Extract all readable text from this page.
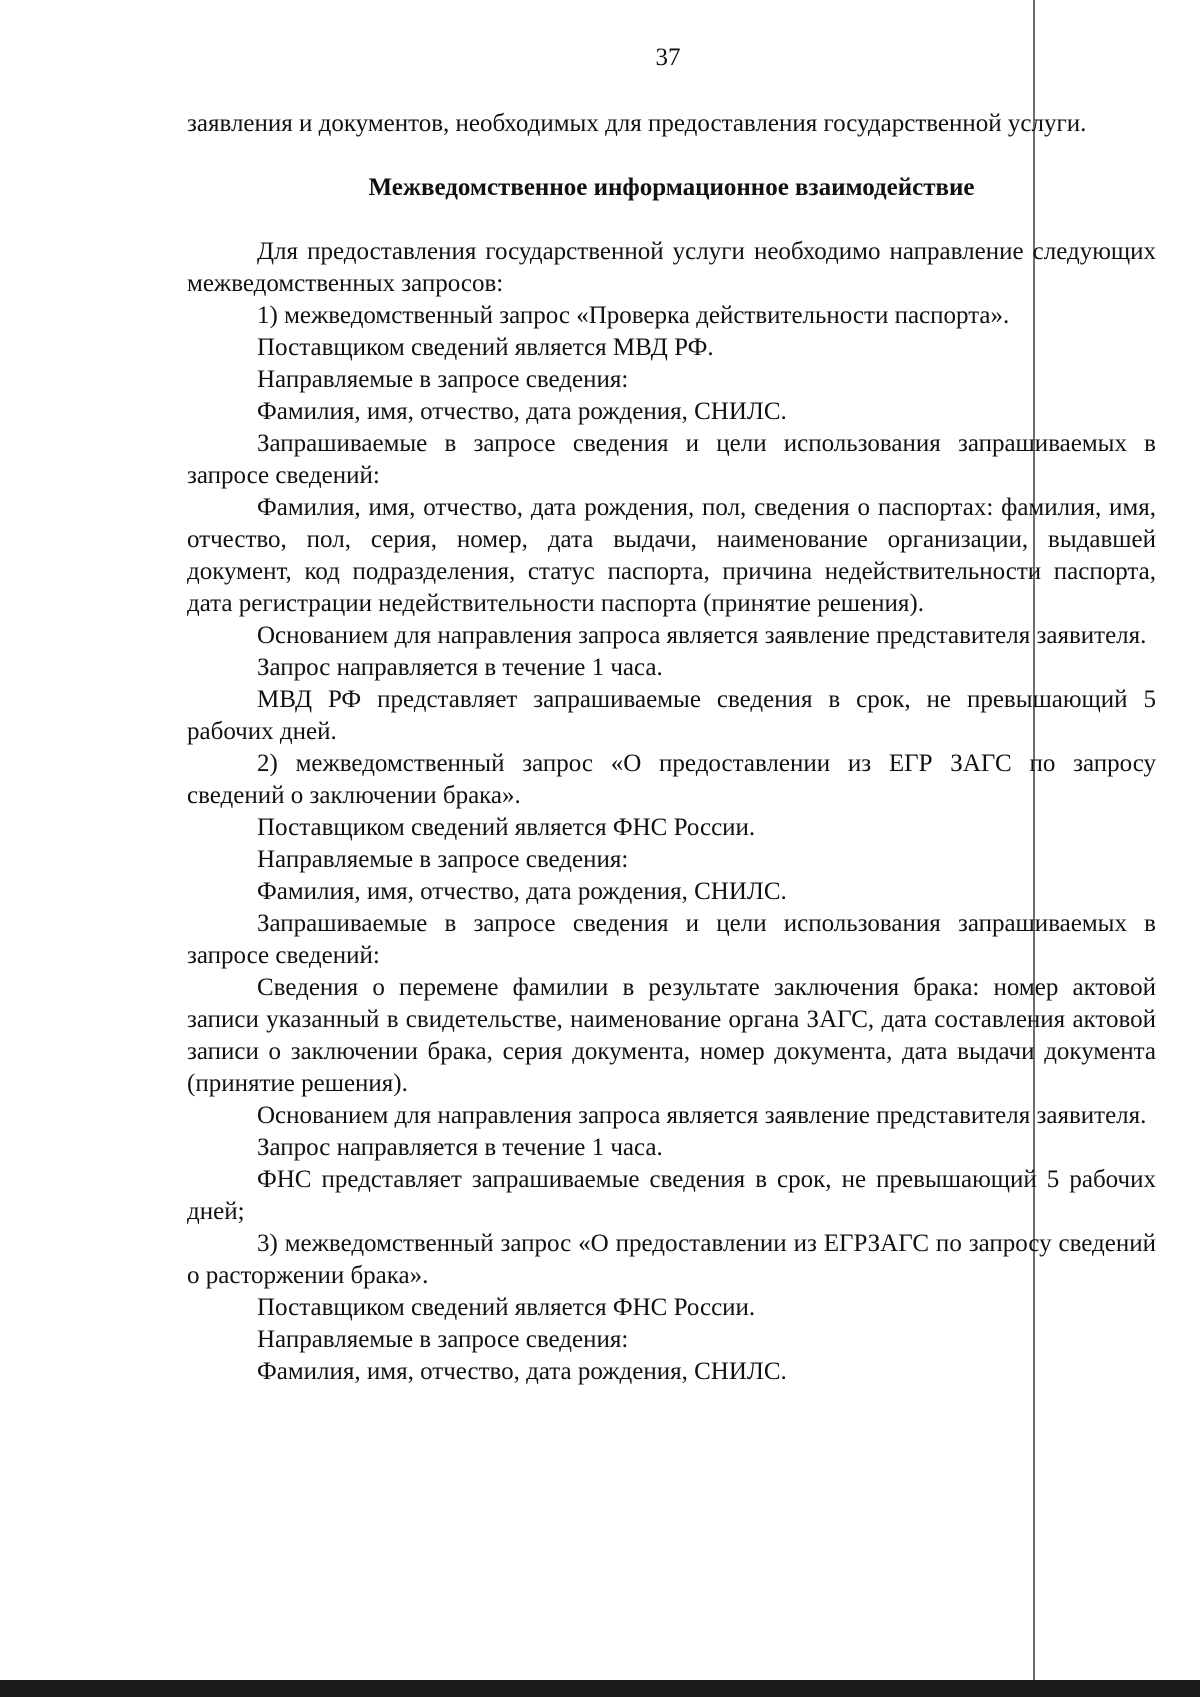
37

заявления и документов, необходимых для предоставления государственной услуги.

Межведомственное информационное взаимодействие

Для предоставления государственной услуги необходимо направление следующих межведомственных запросов:

1) межведомственный запрос «Проверка действительности паспорта».

Поставщиком сведений является МВД РФ.

Направляемые в запросе сведения:

Фамилия, имя, отчество, дата рождения, СНИЛС.

Запрашиваемые в запросе сведения и цели использования запрашиваемых в запросе сведений:

Фамилия, имя, отчество, дата рождения, пол, сведения о паспортах: фамилия, имя, отчество, пол, серия, номер, дата выдачи, наименование организации, выдавшей документ, код подразделения, статус паспорта, причина недействительности паспорта, дата регистрации недействительности паспорта (принятие решения).

Основанием для направления запроса является заявление представителя заявителя.

Запрос направляется в течение 1 часа.

МВД РФ представляет запрашиваемые сведения в срок, не превышающий 5 рабочих дней.

2) межведомственный запрос «О предоставлении из ЕГР ЗАГС по запросу сведений о заключении брака».

Поставщиком сведений является ФНС России.

Направляемые в запросе сведения:

Фамилия, имя, отчество, дата рождения, СНИЛС.

Запрашиваемые в запросе сведения и цели использования запрашиваемых в запросе сведений:

Сведения о перемене фамилии в результате заключения брака: номер актовой записи указанный в свидетельстве, наименование органа ЗАГС, дата составления актовой записи о заключении брака, серия документа, номер документа, дата выдачи документа (принятие решения).

Основанием для направления запроса является заявление представителя заявителя.

Запрос направляется в течение 1 часа.

ФНС представляет запрашиваемые сведения в срок, не превышающий 5 рабочих дней;

3) межведомственный запрос «О предоставлении из ЕГРЗАГС по запросу сведений о расторжении брака».

Поставщиком сведений является ФНС России.

Направляемые в запросе сведения:

Фамилия, имя, отчество, дата рождения, СНИЛС.
